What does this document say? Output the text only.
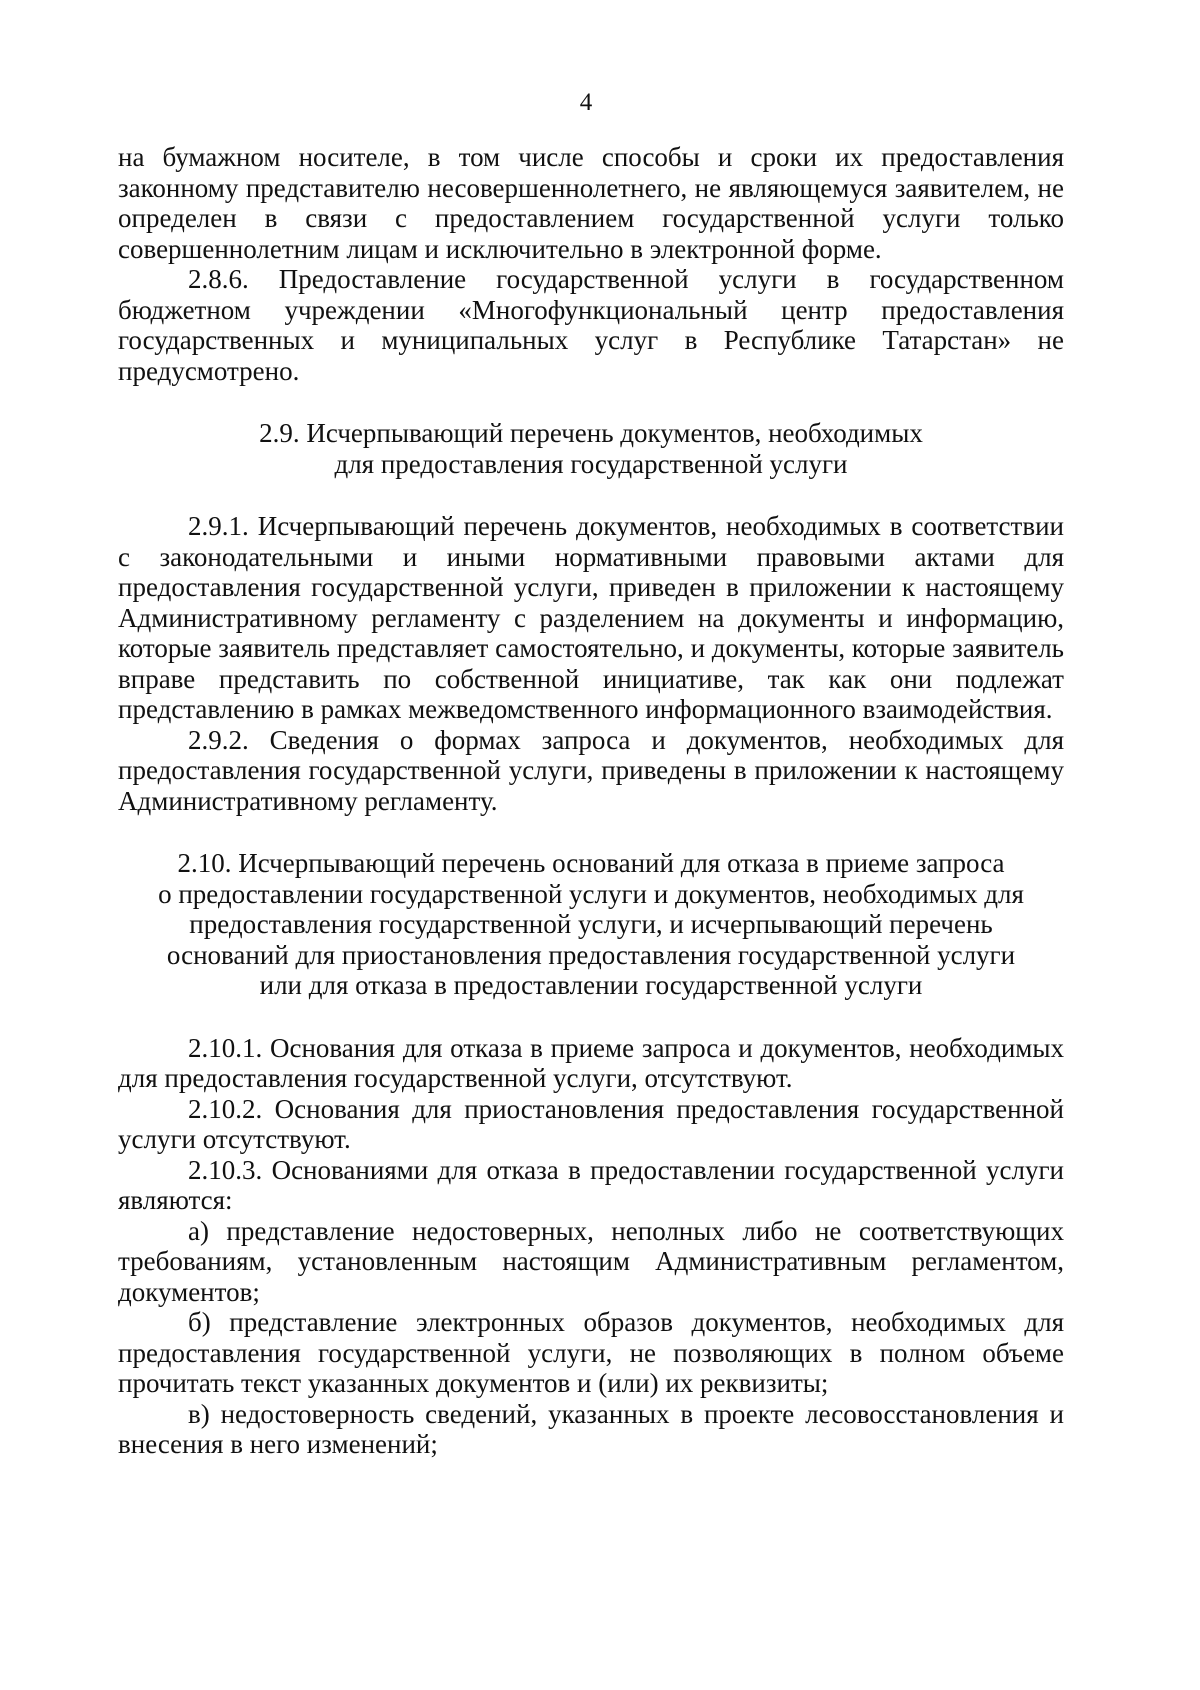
4

на бумажном носителе, в том числе способы и сроки их предоставления законному представителю несовершеннолетнего, не являющемуся заявителем, не определен в связи с предоставлением государственной услуги только совершеннолетним лицам и исключительно в электронной форме.

2.8.6. Предоставление государственной услуги в государственном бюджетном учреждении «Многофункциональный центр предоставления государственных и муниципальных услуг в Республике Татарстан» не предусмотрено.

2.9. Исчерпывающий перечень документов, необходимых
для предоставления государственной услуги

2.9.1. Исчерпывающий перечень документов, необходимых в соответствии с законодательными и иными нормативными правовыми актами для предоставления государственной услуги, приведен в приложении к настоящему Административному регламенту с разделением на документы и информацию, которые заявитель представляет самостоятельно, и документы, которые заявитель вправе представить по собственной инициативе, так как они подлежат представлению в рамках межведомственного информационного взаимодействия.

2.9.2. Сведения о формах запроса и документов, необходимых для предоставления государственной услуги, приведены в приложении к настоящему Административному регламенту.

2.10. Исчерпывающий перечень оснований для отказа в приеме запроса
о предоставлении государственной услуги и документов, необходимых для
предоставления государственной услуги, и исчерпывающий перечень
оснований для приостановления предоставления государственной услуги
или для отказа в предоставлении государственной услуги

2.10.1. Основания для отказа в приеме запроса и документов, необходимых для предоставления государственной услуги, отсутствуют.

2.10.2. Основания для приостановления предоставления государственной услуги отсутствуют.

2.10.3. Основаниями для отказа в предоставлении государственной услуги являются:

а) представление недостоверных, неполных либо не соответствующих требованиям, установленным настоящим Административным регламентом, документов;

б) представление электронных образов документов, необходимых для предоставления государственной услуги, не позволяющих в полном объеме прочитать текст указанных документов и (или) их реквизиты;

в) недостоверность сведений, указанных в проекте лесовосстановления и внесения в него изменений;
